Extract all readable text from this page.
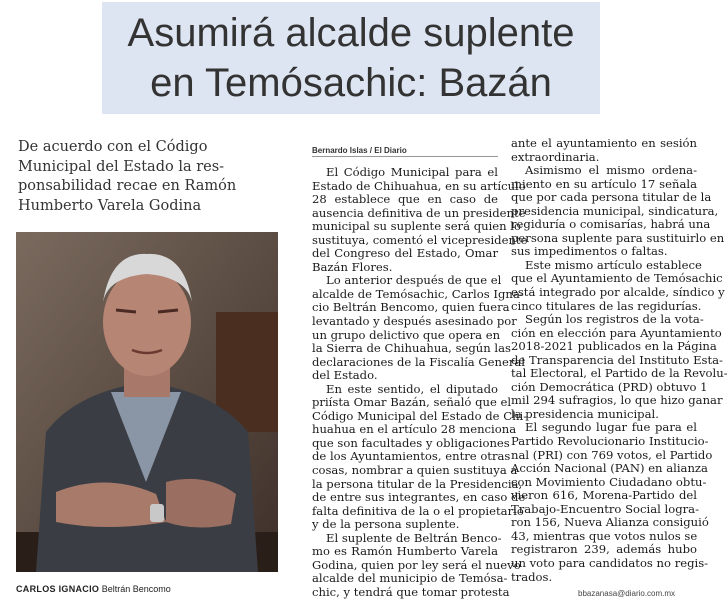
Asumirá alcalde suplente
en Temósachic: Bazán
De acuerdo con el Código
Municipal del Estado la res-
ponsabilidad recae en Ramón
Humberto Varela Godina
CARLOS IGNACIO Beltrán Bencomo
Bernardo Islas / El Diario
El Código Municipal para el
Estado de Chihuahua, en su artículo
28 establece que en caso de
ausencia definitiva de un presidente
municipal su suplente será quien lo
sustituya, comentó el vicepresidente
del Congreso del Estado, Omar
Bazán Flores.
Lo anterior después de que el
alcalde de Temósachic, Carlos Igna-
cio Beltrán Bencomo, quien fuera
levantado y después asesinado por
un grupo delictivo que opera en
la Sierra de Chihuahua, según las
declaraciones de la Fiscalía General
del Estado.
En este sentido, el diputado
priísta Omar Bazán, señaló que el
Código Municipal del Estado de Chi-
huahua en el artículo 28 menciona
que son facultades y obligaciones
de los Ayuntamientos, entre otras
cosas, nombrar a quien sustituya a
la persona titular de la Presidencia,
de entre sus integrantes, en caso de
falta definitiva de la o el propietario
y de la persona suplente.
El suplente de Beltrán Benco-
mo es Ramón Humberto Varela
Godina, quien por ley será el nuevo
alcalde del municipio de Temósa-
chic, y tendrá que tomar protesta
ante el ayuntamiento en sesión
extraordinaria.
Asimismo el mismo ordena-
miento en su artículo 17 señala
que por cada persona titular de la
presidencia municipal, sindicatura,
regiduría o comisarías, habrá una
persona suplente para sustituirlo en
sus impedimentos o faltas.
Este mismo artículo establece
que el Ayuntamiento de Temósachic
está integrado por alcalde, síndico y
cinco titulares de las regidurías.
Según los registros de la vota-
ción en elección para Ayuntamiento
2018-2021 publicados en la Página
de Transparencia del Instituto Esta-
tal Electoral, el Partido de la Revolu-
ción Democrática (PRD) obtuvo 1
mil 294 sufragios, lo que hizo ganar
la presidencia municipal.
El segundo lugar fue para el
Partido Revolucionario Institucio-
nal (PRI) con 769 votos, el Partido
Acción Nacional (PAN) en alianza
con Movimiento Ciudadano obtu-
vieron 616, Morena-Partido del
Trabajo-Encuentro Social logra-
ron 156, Nueva Alianza consiguió
43, mientras que votos nulos se
registraron 239, además hubo
un voto para candidatos no regis-
trados.
bbazanasa@diario.com.mx
